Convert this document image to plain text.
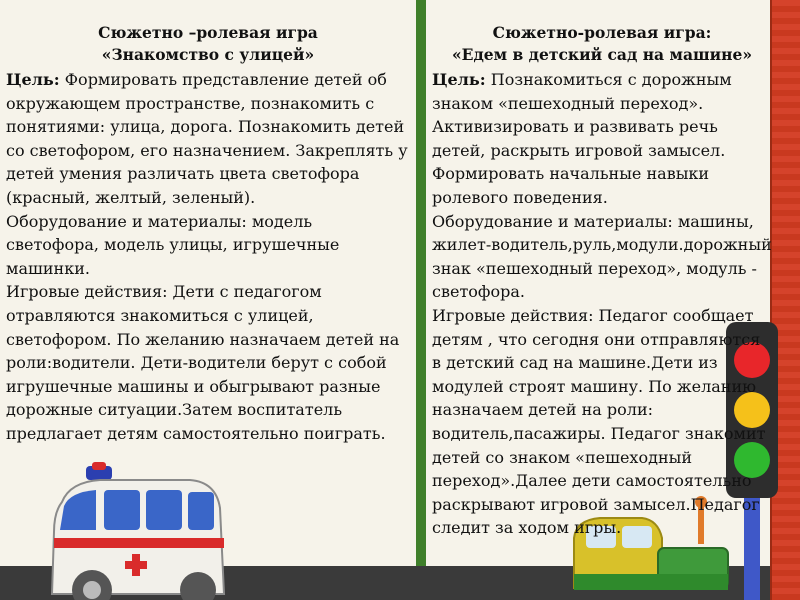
Сюжетно –ролевая игра
«Знакомство с улицей»
Цель: Формировать представление детей об окружающем пространстве, познакомить с понятиями: улица, дорога. Познакомить детей со светофором, его назначением. Закреплять у детей умения различать цвета светофора (красный, желтый, зеленый).
Оборудование и материалы: модель светофора, модель улицы, игрушечные машинки.
Игровые действия: Дети с педагогом отравляются знакомиться с улицей, светофором. По желанию назначаем детей на роли:водители. Дети-водители берут с собой игрушечные машины и обыгрывают разные дорожные ситуации.Затем воспитатель предлагает детям самостоятельно поиграть.
Сюжетно-ролевая игра:
«Едем в детский сад на машине»
Цель: Познакомиться с дорожным знаком «пешеходный переход». Активизировать и развивать речь детей, раскрыть игровой замысел. Формировать начальные навыки ролевого поведения.
Оборудование и материалы: машины, жилет-водитель,руль,модули.дорожный знак «пешеходный переход», модуль - светофора.
Игровые действия: Педагог сообщает детям , что сегодня они отправляются в детский сад на машине.Дети из модулей строят машину. По желанию назначаем детей на роли: водитель,пасажиры. Педагог знакомит детей со знаком «пешеходный переход».Далее дети самостоятельно раскрывают игровой замысел.Педагог следит за ходом игры.
